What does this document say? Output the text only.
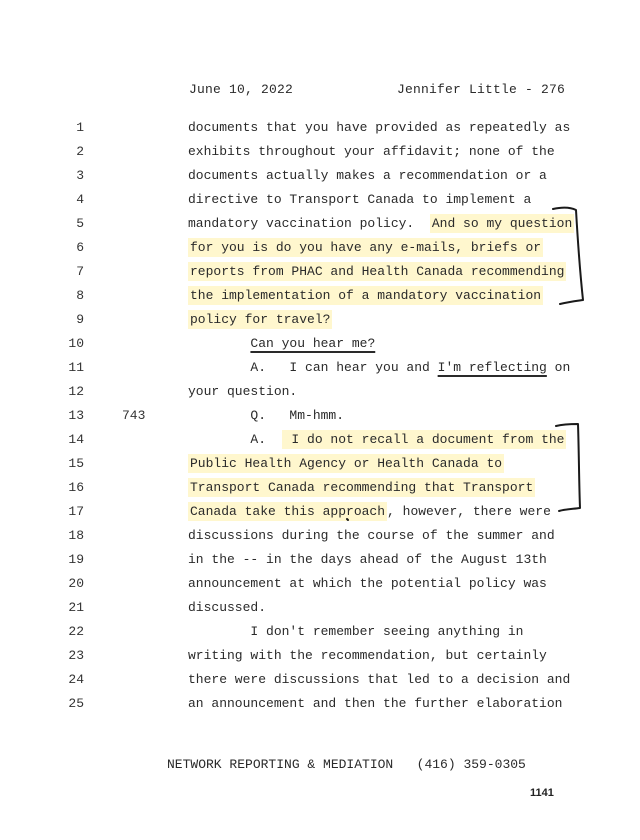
June 10, 2022	Jennifer Little - 276
1	documents that you have provided as repeatedly as
2	exhibits throughout your affidavit; none of the
3	documents actually makes a recommendation or a
4	directive to Transport Canada to implement a
5	mandatory vaccination policy.  And so my question
6	for you is do you have any e-mails, briefs or
7	reports from PHAC and Health Canada recommending
8	the implementation of a mandatory vaccination
9	policy for travel?
10	Can you hear me?
11	A.   I can hear you and I'm reflecting on
12	your question.
13	743	Q.   Mm-hmm.
14	A.   I do not recall a document from the
15	Public Health Agency or Health Canada to
16	Transport Canada recommending that Transport
17	Canada take this approach , however, there were
18	discussions during the course of the summer and
19	in the -- in the days ahead of the August 13th
20	announcement at which the potential policy was
21	discussed.
22	I don't remember seeing anything in
23	writing with the recommendation, but certainly
24	there were discussions that led to a decision and
25	an announcement and then the further elaboration
NETWORK REPORTING & MEDIATION   (416) 359-0305
1141
